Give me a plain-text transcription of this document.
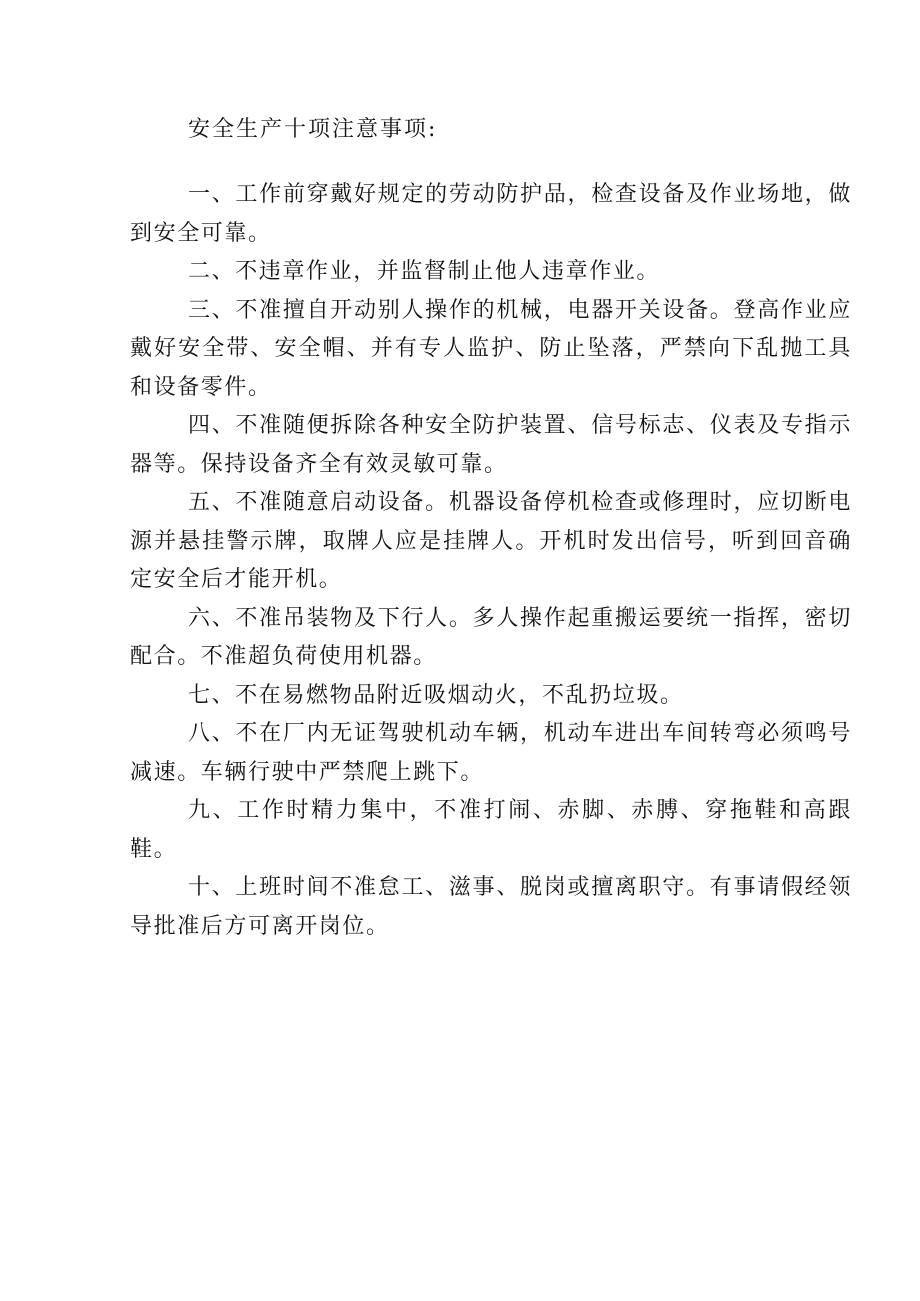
安全生产十项注意事项:

一、工作前穿戴好规定的劳动防护品，检查设备及作业场地，做到安全可靠。

二、不违章作业，并监督制止他人违章作业。

三、不准擅自开动别人操作的机械，电器开关设备。登高作业应戴好安全带、安全帽、并有专人监护、防止坠落，严禁向下乱抛工具和设备零件。

四、不准随便拆除各种安全防护装置、信号标志、仪表及专指示器等。保持设备齐全有效灵敏可靠。

五、不准随意启动设备。机器设备停机检查或修理时，应切断电源并悬挂警示牌，取牌人应是挂牌人。开机时发出信号，听到回音确定安全后才能开机。

六、不准吊装物及下行人。多人操作起重搬运要统一指挥，密切配合。不准超负荷使用机器。

七、不在易燃物品附近吸烟动火，不乱扔垃圾。

八、不在厂内无证驾驶机动车辆，机动车进出车间转弯必须鸣号减速。车辆行驶中严禁爬上跳下。

九、工作时精力集中，不准打闹、赤脚、赤膊、穿拖鞋和高跟鞋。

十、上班时间不准怠工、滋事、脱岗或擅离职守。有事请假经领导批准后方可离开岗位。
